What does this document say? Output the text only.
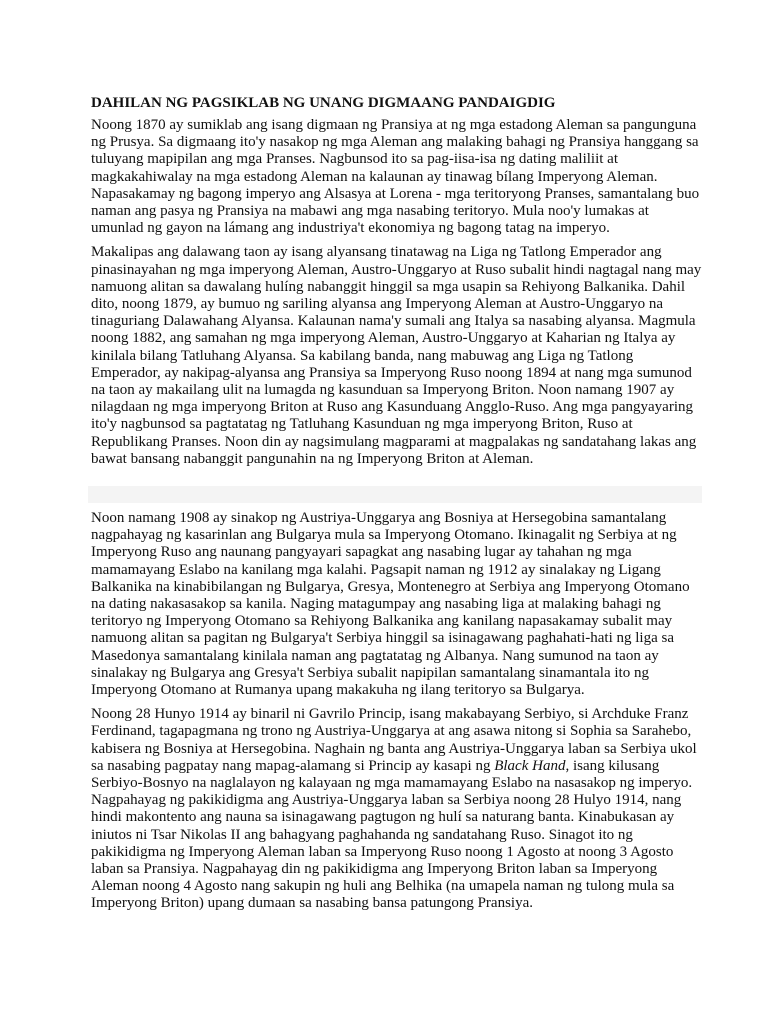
DAHILAN NG PAGSIKLAB NG UNANG DIGMAANG PANDAIGDIG

Noong 1870 ay sumiklab ang isang digmaan ng Pransiya at ng mga estadong Aleman sa pangunguna ng Prusya. Sa digmaang ito'y nasakop ng mga Aleman ang malaking bahagi ng Pransiya hanggang sa tuluyang mapipilan ang mga Pranses. Nagbunsod ito sa pag-iisa-isa ng dating maliliit at magkakahiwalay na mga estadong Aleman na kalaunan ay tinawag bílang Imperyong Aleman. Napasakamay ng bagong imperyo ang Alsasya at Lorena - mga teritoryong Pranses, samantalang buo naman ang pasya ng Pransiya na mabawi ang mga nasabing teritoryo. Mula noo'y lumakas at umunlad ng gayon na lámang ang industriya't ekonomiya ng bagong tatag na imperyo.

Makalipas ang dalawang taon ay isang alyansang tinatawag na Liga ng Tatlong Emperador ang pinasinayahan ng mga imperyong Aleman, Austro-Unggaryo at Ruso subalit hindi nagtagal nang may namuong alitan sa dawalang hulíng nabanggit hinggil sa mga usapin sa Rehiyong Balkanika. Dahil dito, noong 1879, ay bumuo ng sariling alyansa ang Imperyong Aleman at Austro-Unggaryo na tinaguriang Dalawahang Alyansa. Kalaunan nama'y sumali ang Italya sa nasabing alyansa. Magmula noong 1882, ang samahan ng mga imperyong Aleman, Austro-Unggaryo at Kaharian ng Italya ay kinilala bilang Tatluhang Alyansa. Sa kabilang banda, nang mabuwag ang Liga ng Tatlong Emperador, ay nakipag-alyansa ang Pransiya sa Imperyong Ruso noong 1894 at nang mga sumunod na taon ay makailang ulit na lumagda ng kasunduan sa Imperyong Briton. Noon namang 1907 ay nilagdaan ng mga imperyong Briton at Ruso ang Kasunduang Angglo-Ruso. Ang mga pangyayaring ito'y nagbunsod sa pagtatatag ng Tatluhang Kasunduan ng mga imperyong Briton, Ruso at Republikang Pranses. Noon din ay nagsimulang magparami at magpalakas ng sandatahang lakas ang bawat bansang nabanggit pangunahin na ng Imperyong Briton at Aleman.

Noon namang 1908 ay sinakop ng Austriya-Unggarya ang Bosniya at Hersegobina samantalang nagpahayag ng kasarinlan ang Bulgarya mula sa Imperyong Otomano. Ikinagalit ng Serbiya at ng Imperyong Ruso ang naunang pangyayari sapagkat ang nasabing lugar ay tahahan ng mga mamamayang Eslabo na kanilang mga kalahi. Pagsapit naman ng 1912 ay sinalakay ng Ligang Balkanika na kinabibilangan ng Bulgarya, Gresya, Montenegro at Serbiya ang Imperyong Otomano na dating nakasasakop sa kanila. Naging matagumpay ang nasabing liga at malaking bahagi ng teritoryo ng Imperyong Otomano sa Rehiyong Balkanika ang kanilang napasakamay subalit may namuong alitan sa pagitan ng Bulgarya't Serbiya hinggil sa isinagawang paghahati-hati ng liga sa Masedonya samantalang kinilala naman ang pagtatatag ng Albanya. Nang sumunod na taon ay sinalakay ng Bulgarya ang Gresya't Serbiya subalit napipilan samantalang sinamantala ito ng Imperyong Otomano at Rumanya upang makakuha ng ilang teritoryo sa Bulgarya.

Noong 28 Hunyo 1914 ay binaril ni Gavrilo Princip, isang makabayang Serbiyo, si Archduke Franz Ferdinand, tagapagmana ng trono ng Austriya-Unggarya at ang asawa nitong si Sophia sa Sarahebo, kabisera ng Bosniya at Hersegobina. Naghain ng banta ang Austriya-Unggarya laban sa Serbiya ukol sa nasabing pagpatay nang mapag-alamang si Princip ay kasapi ng Black Hand, isang kilusang Serbiyo-Bosnyo na naglalayon ng kalayaan ng mga mamamayang Eslabo na nasasakop ng imperyo. Nagpahayag ng pakikidigma ang Austriya-Unggarya laban sa Serbiya noong 28 Hulyo 1914, nang hindi makontento ang nauna sa isinagawang pagtugon ng hulí sa naturang banta. Kinabukasan ay iniutos ni Tsar Nikolas II ang bahagyang paghahanda ng sandatahang Ruso. Sinagot ito ng pakikidigma ng Imperyong Aleman laban sa Imperyong Ruso noong 1 Agosto at noong 3 Agosto laban sa Pransiya. Nagpahayag din ng pakikidigma ang Imperyong Briton laban sa Imperyong Aleman noong 4 Agosto nang sakupin ng huli ang Belhika (na umapela naman ng tulong mula sa Imperyong Briton) upang dumaan sa nasabing bansa patungong Pransiya.
